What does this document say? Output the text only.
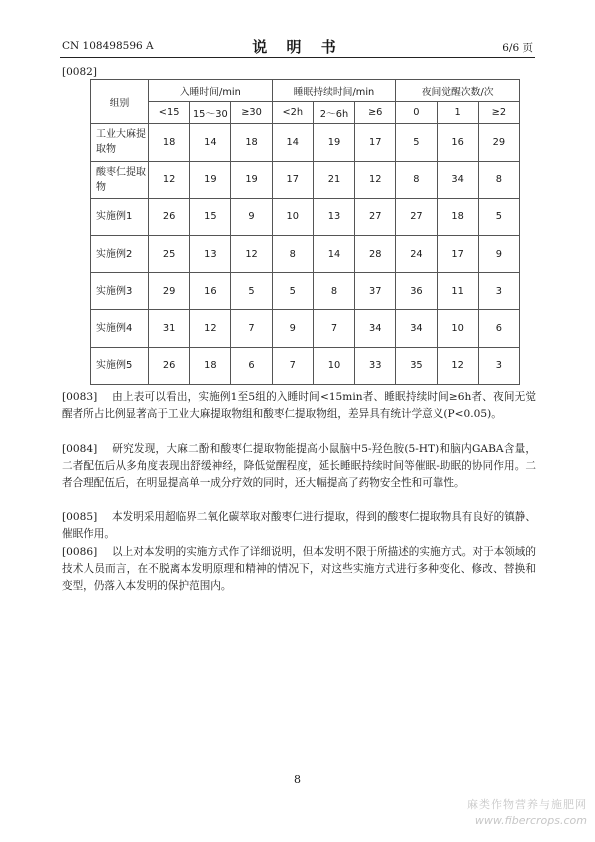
CN 108498596 A	说 明 书	6/6 页
[0082]
组别	入睡时间/min			睡眠持续时间/min			夜间觉醒次数/次		
	<15	15～30	≥30	<2h	2～6h	≥6	0	1	≥2
工业大麻提取物	18	14	18	14	19	17	5	16	29
酸枣仁提取物	12	19	19	17	21	12	8	34	8
实施例1	26	15	9	10	13	27	27	18	5
实施例2	25	13	12	8	14	28	24	17	9
实施例3	29	16	5	5	8	37	36	11	3
实施例4	31	12	7	9	7	34	34	10	6
实施例5	26	18	6	7	10	33	35	12	3

[0083] 由上表可以看出，实施例1至5组的入睡时间<15min者、睡眠持续时间≥6h者、夜间无觉醒者所占比例显著高于工业大麻提取物组和酸枣仁提取物组，差异具有统计学意义(P<0.05)。

[0084] 研究发现，大麻二酚和酸枣仁提取物能提高小鼠脑中5-羟色胺(5-HT)和脑内GABA含量，二者配伍后从多角度表现出舒缓神经，降低觉醒程度，延长睡眠持续时间等催眠-助眠的协同作用。二者合理配伍后，在明显提高单一成分疗效的同时，还大幅提高了药物安全性和可靠性。

[0085] 本发明采用超临界二氧化碳萃取对酸枣仁进行提取，得到的酸枣仁提取物具有良好的镇静、催眠作用。

[0086] 以上对本发明的实施方式作了详细说明，但本发明不限于所描述的实施方式。对于本领域的技术人员而言，在不脱离本发明原理和精神的情况下，对这些实施方式进行多种变化、修改、替换和变型，仍落入本发明的保护范围内。

8
麻类作物营养与施肥网
www.fibercrops.com
